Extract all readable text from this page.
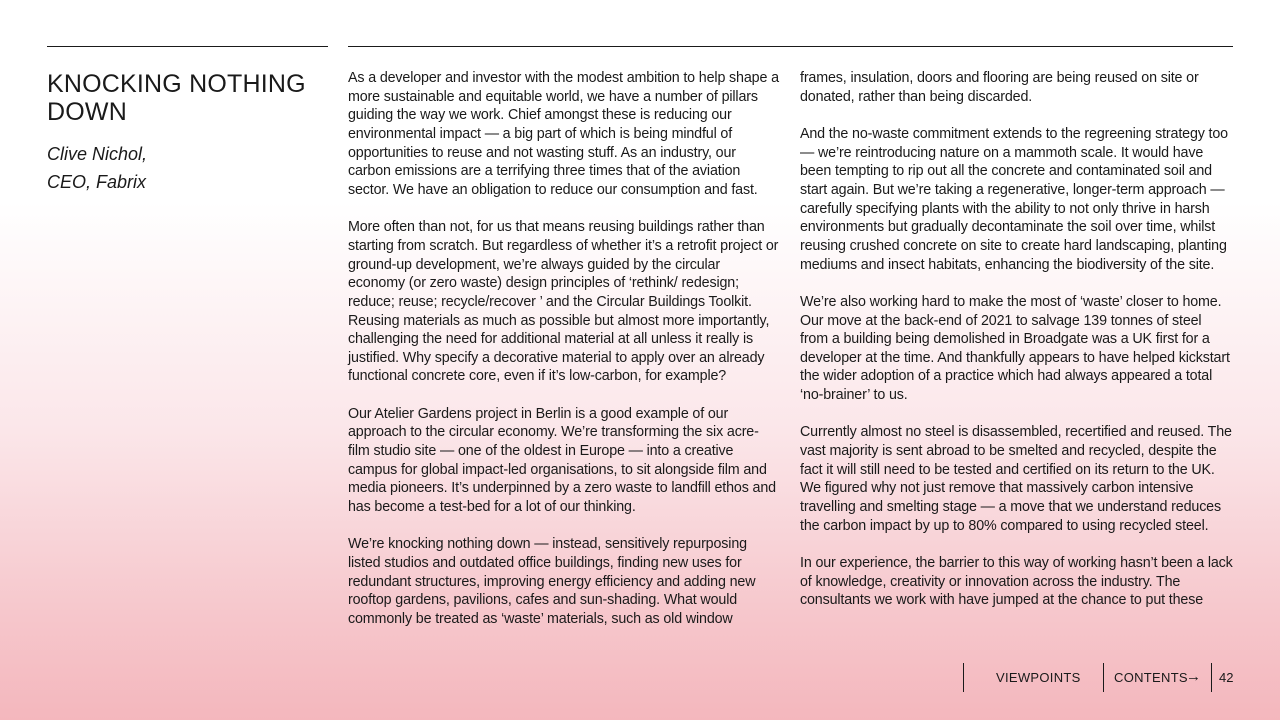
KNOCKING NOTHING DOWN
Clive Nichol,
CEO, Fabrix

As a developer and investor with the modest ambition to help shape a more sustainable and equitable world, we have a number of pillars guiding the way we work. Chief amongst these is reducing our environmental impact — a big part of which is being mindful of opportunities to reuse and not wasting stuff. As an industry, our carbon emissions are a terrifying three times that of the aviation sector. We have an obligation to reduce our consumption and fast.

More often than not, for us that means reusing buildings rather than starting from scratch. But regardless of whether it’s a retrofit project or ground-up development, we’re always guided by the circular economy (or zero waste) design principles of ‘rethink/ redesign; reduce; reuse; recycle/recover ’ and the Circular Buildings Toolkit. Reusing materials as much as possible but almost more importantly, challenging the need for additional material at all unless it really is justified. Why specify a decorative material to apply over an already functional concrete core, even if it’s low-carbon, for example?

Our Atelier Gardens project in Berlin is a good example of our approach to the circular economy. We’re transforming the six acre-film studio site — one of the oldest in Europe — into a creative campus for global impact-led organisations, to sit alongside film and media pioneers. It’s underpinned by a zero waste to landfill ethos and has become a test-bed for a lot of our thinking.

We’re knocking nothing down — instead, sensitively repurposing listed studios and outdated office buildings, finding new uses for redundant structures, improving energy efficiency and adding new rooftop gardens, pavilions, cafes and sun-shading. What would commonly be treated as ‘waste’ materials, such as old window

frames, insulation, doors and flooring are being reused on site or donated, rather than being discarded.

And the no-waste commitment extends to the regreening strategy too — we’re reintroducing nature on a mammoth scale. It would have been tempting to rip out all the concrete and contaminated soil and start again. But we’re taking a regenerative, longer-term approach — carefully specifying plants with the ability to not only thrive in harsh environments but gradually decontaminate the soil over time, whilst reusing crushed concrete on site to create hard landscaping, planting mediums and insect habitats, enhancing the biodiversity of the site.

We’re also working hard to make the most of ‘waste’ closer to home. Our move at the back-end of 2021 to salvage 139 tonnes of steel from a building being demolished in Broadgate was a UK first for a developer at the time. And thankfully appears to have helped kickstart the wider adoption of a practice which had always appeared a total ‘no-brainer’ to us.

Currently almost no steel is disassembled, recertified and reused. The vast majority is sent abroad to be smelted and recycled, despite the fact it will still need to be tested and certified on its return to the UK. We figured why not just remove that massively carbon intensive travelling and smelting stage — a move that we understand reduces the carbon impact by up to 80% compared to using recycled steel.

In our experience, the barrier to this way of working hasn’t been a lack of knowledge, creativity or innovation across the industry. The consultants we work with have jumped at the chance to put these

VIEWPOINTS	CONTENTS
→ 42
